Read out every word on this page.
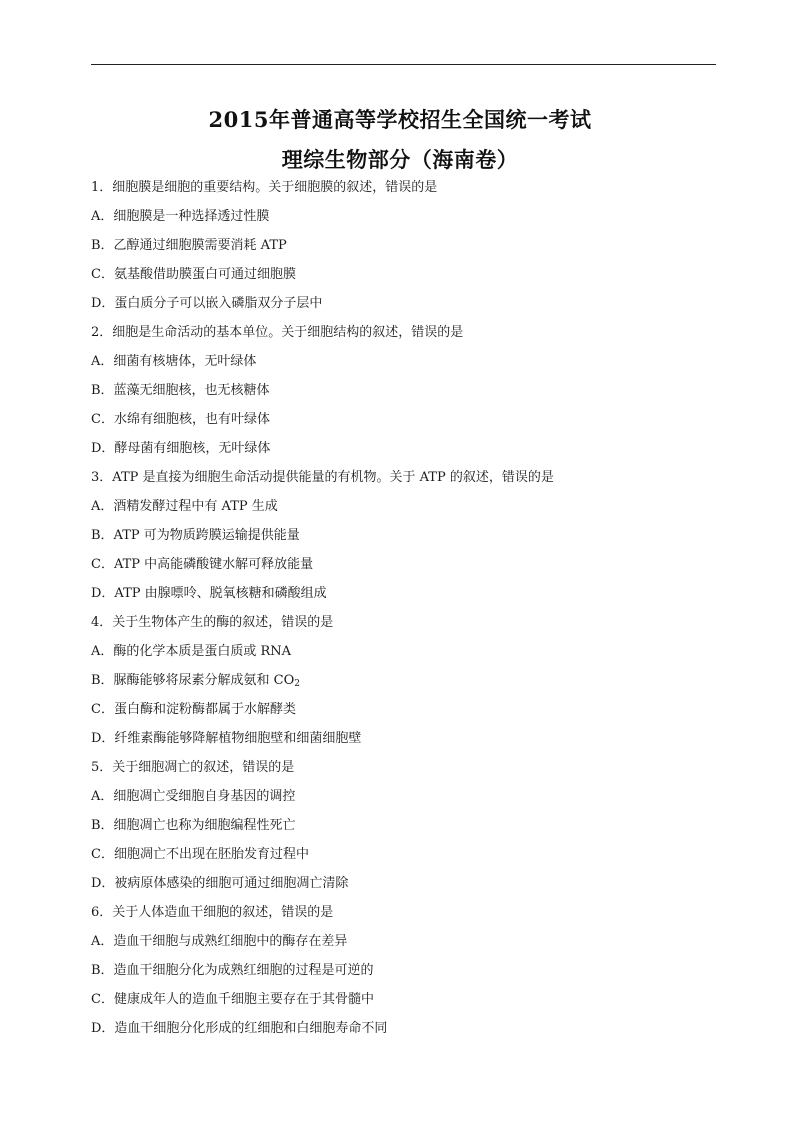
2015年普通高等学校招生全国统一考试
理综生物部分（海南卷）
1．细胞膜是细胞的重要结构。关于细胞膜的叙述，错误的是
A．细胞膜是一种选择透过性膜
B．乙醇通过细胞膜需要消耗 ATP
C．氨基酸借助膜蛋白可通过细胞膜
D．蛋白质分子可以嵌入磷脂双分子层中
2．细胞是生命活动的基本单位。关于细胞结构的叙述，错误的是
A．细菌有核塘体，无叶绿体
B．蓝藻无细胞核，也无核糖体
C．水绵有细胞核，也有叶绿体
D．酵母菌有细胞核，无叶绿体
3．ATP 是直接为细胞生命活动提供能量的有机物。关于 ATP 的叙述，错误的是
A．酒精发酵过程中有 ATP 生成
B．ATP 可为物质跨膜运输提供能量
C．ATP 中高能磷酸键水解可释放能量
D．ATP 由腺嘌呤、脱氧核糖和磷酸组成
4．关于生物体产生的酶的叙述，错误的是
A．酶的化学本质是蛋白质或 RNA
B．脲酶能够将尿素分解成氨和 $CO_2$
C．蛋白酶和淀粉酶都属于水解酵类
D．纤维素酶能够降解植物细胞壁和细菌细胞壁
5．关于细胞凋亡的叙述，错误的是
A．细胞凋亡受细胞自身基因的调控
B．细胞凋亡也称为细胞编程性死亡
C．细胞凋亡不出现在胚胎发育过程中
D．被病原体感染的细胞可通过细胞凋亡清除
6．关于人体造血干细胞的叙述，错误的是
A．造血干细胞与成熟红细胞中的酶存在差异
B．造血干细胞分化为成熟红细胞的过程是可逆的
C．健康成年人的造血千细胞主要存在于其骨髓中
D．造血干细胞分化形成的红细胞和白细胞寿命不同
